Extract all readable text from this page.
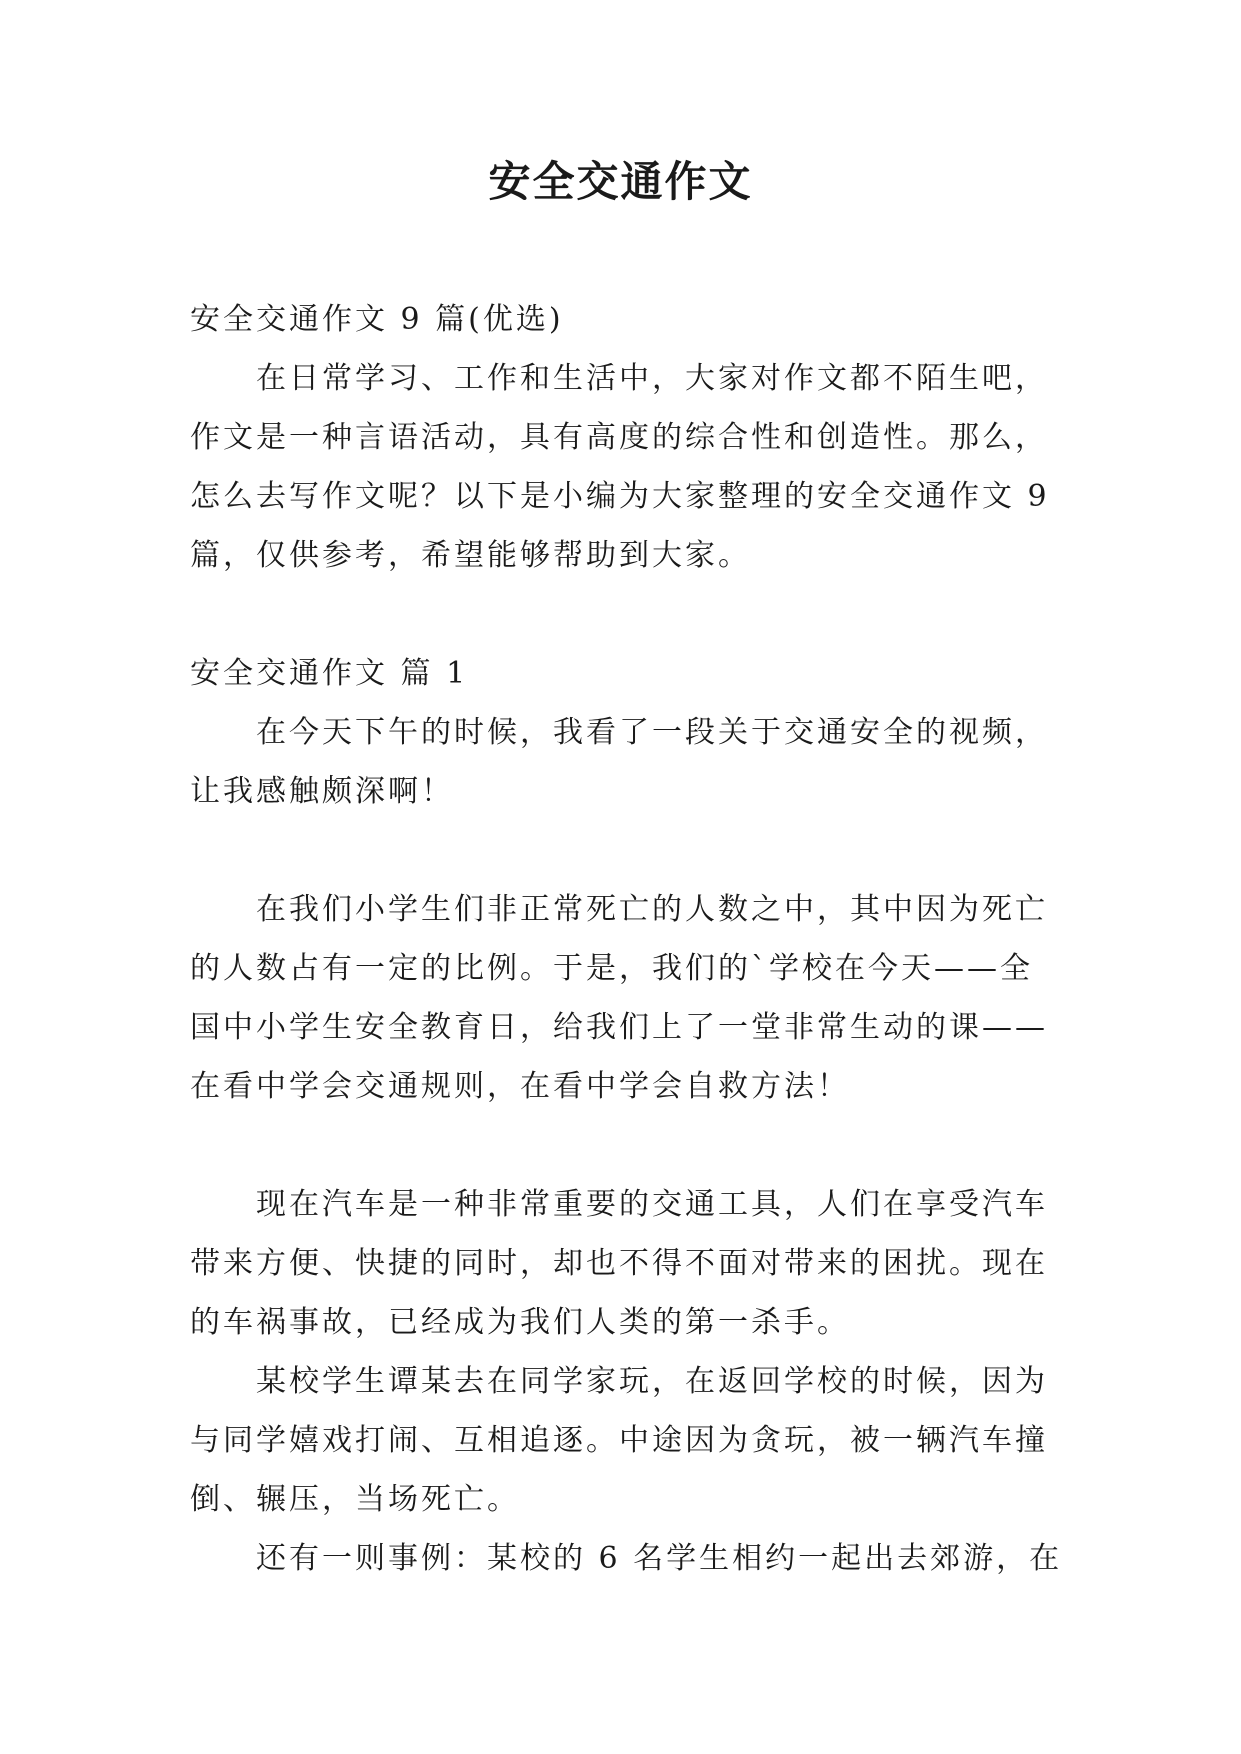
安全交通作文
安全交通作文 9 篇(优选)
在日常学习、工作和生活中，大家对作文都不陌生吧，
作文是一种言语活动，具有高度的综合性和创造性。那么，
怎么去写作文呢？以下是小编为大家整理的安全交通作文 9
篇，仅供参考，希望能够帮助到大家。
安全交通作文 篇 1
在今天下午的时候，我看了一段关于交通安全的视频，
让我感触颇深啊！
在我们小学生们非正常死亡的人数之中，其中因为死亡
的人数占有一定的比例。于是，我们的`学校在今天——全
国中小学生安全教育日，给我们上了一堂非常生动的课——
在看中学会交通规则，在看中学会自救方法！
现在汽车是一种非常重要的交通工具，人们在享受汽车
带来方便、快捷的同时，却也不得不面对带来的困扰。现在
的车祸事故，已经成为我们人类的第一杀手。
某校学生谭某去在同学家玩，在返回学校的时候，因为
与同学嬉戏打闹、互相追逐。中途因为贪玩，被一辆汽车撞
倒、辗压，当场死亡。
还有一则事例：某校的 6 名学生相约一起出去郊游，在
